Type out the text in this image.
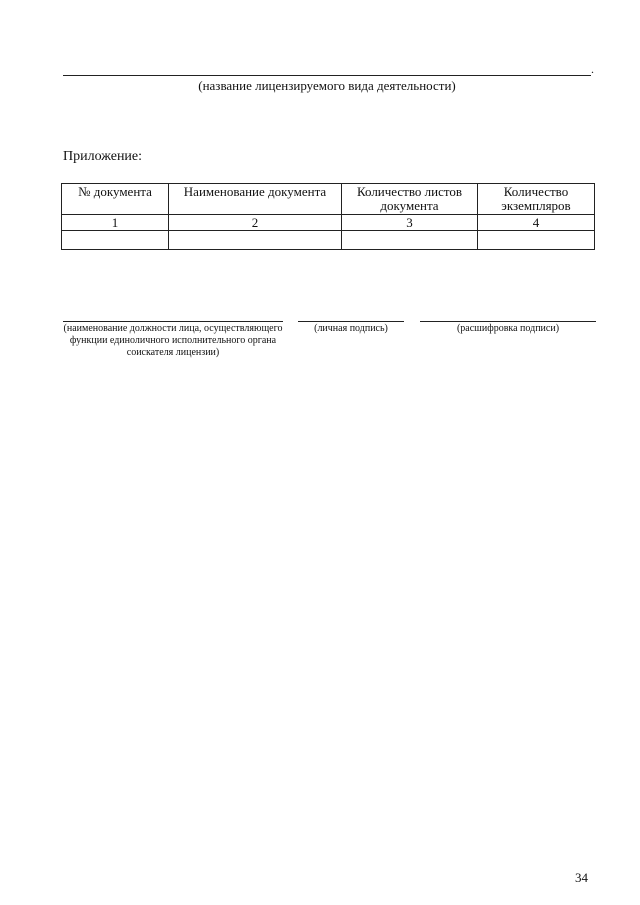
.
(название лицензируемого вида деятельности)
Приложение:
№ документа	Наименование документа	Количество листов документа	Количество экземпляров
1	2	3	4

(наименование должности лица, осуществляющего функции единоличного исполнительного органа соискателя лицензии)
(личная подпись)	(расшифровка подписи)
34
